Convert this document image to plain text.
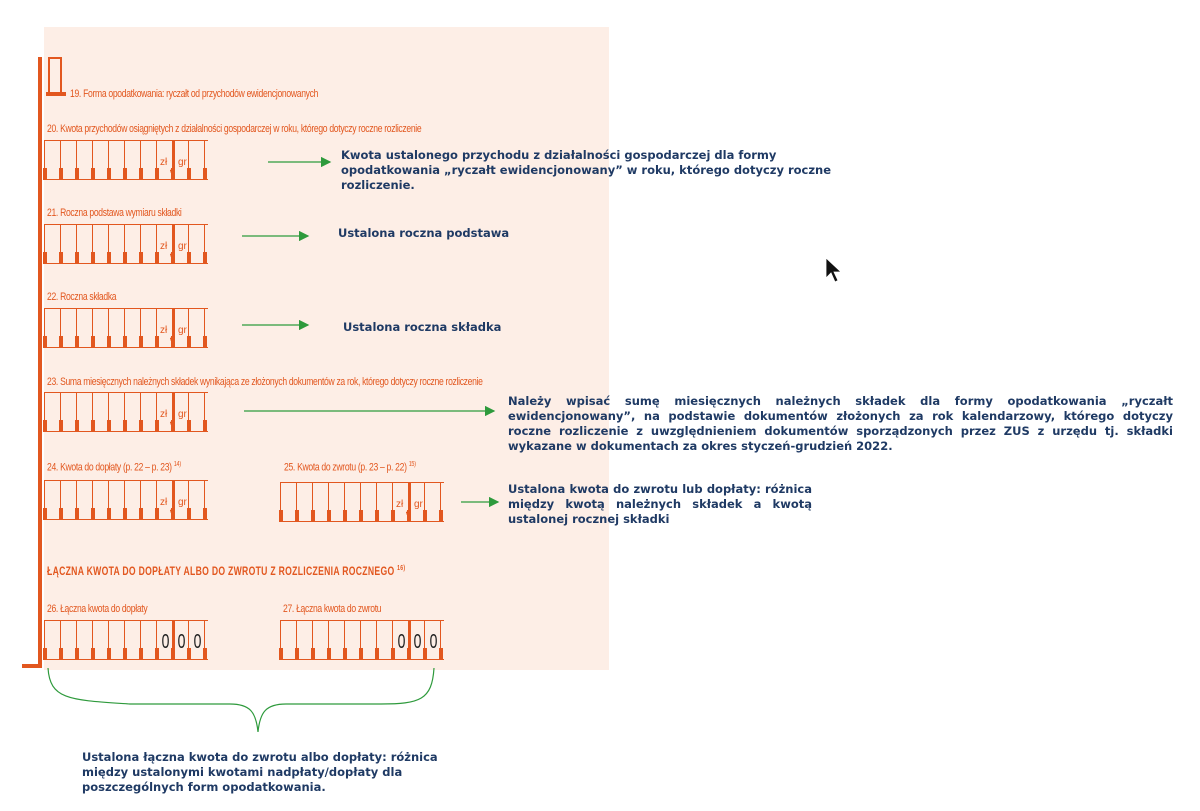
19. Forma opodatkowania: ryczałt od przychodów ewidencjonowanych
20. Kwota przychodów osiągniętych z działalności gospodarczej w roku, którego dotyczy roczne rozliczenie
zł , gr
21. Roczna podstawa wymiaru składki
zł , gr
22. Roczna składka
zł , gr
23. Suma miesięcznych należnych składek wynikająca ze złożonych dokumentów za rok, którego dotyczy roczne rozliczenie
zł , gr
24. Kwota do dopłaty (p. 22 – p. 23) $^{14)}$
zł , gr
25. Kwota do zwrotu (p. 23 – p. 22) $^{15)}$
zł , gr
ŁĄCZNA KWOTA DO DOPŁATY ALBO DO ZWROTU Z ROZLICZENIA ROCZNEGO $^{16)}$
26. Łączna kwota do dopłaty
0 0 0
,
27. Łączna kwota do zwrotu
0 0 0
,
Kwota ustalonego przychodu z działalności gospodarczej dla formy opodatkowania „ryczałt ewidencjonowany” w roku, którego dotyczy roczne rozliczenie.
Ustalona roczna podstawa
Ustalona roczna składka
Należy wpisać sumę miesięcznych należnych składek dla formy opodatkowania „ryczałt ewidencjonowany”, na podstawie dokumentów złożonych za rok kalendarzowy, którego dotyczy roczne rozliczenie z uwzględnieniem dokumentów sporządzonych przez ZUS z urzędu tj. składki wykazane w dokumentach za okres styczeń-grudzień 2022.
Ustalona kwota do zwrotu lub dopłaty: różnica między kwotą należnych składek a kwotą ustalonej rocznej składki
Ustalona łączna kwota do zwrotu albo dopłaty: różnica między ustalonymi kwotami nadpłaty/dopłaty dla poszczególnych form opodatkowania.
